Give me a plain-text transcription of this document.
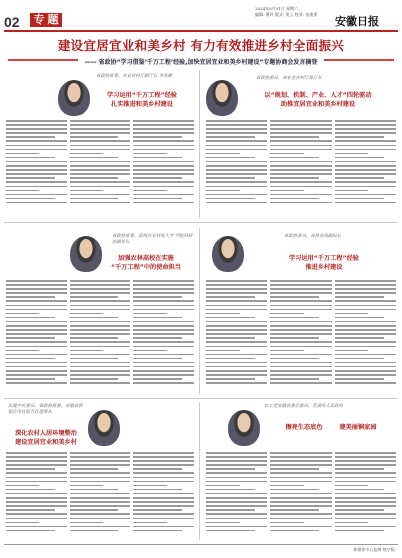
02	专 题
2024年8月31日 星期六
编辑: 曹玲 版式: 贺云 校对: 张建勇
安徽日报
建设宜居宜业和美乡村 有力有效推进乡村全面振兴
—— 省政协“学习借鉴‘千万工程’经验,加快宜居宜业和美乡村建设”专题协商会发言摘登
省政协常委、农业农村厅副厅长 李兆勤
学习运用“千万工程”经验
扎实推进和美乡村建设
省政协委员、省农业农村厅原厅长
以“规划、机制、产业、人才”四轮驱动
助推宜居宜业和美乡村建设
省政协常委、宿州农业科技大学 学院科研处副处长
加强农林高校在实施
“千万工程”中的使命担当
省政协委员、省林业局副局长
学习运用“千万工程”经验
推进乡村建设
民建中央委员、省政协常委、安徽省供销合作社联合社理事长
深化农村人居环境整治
建设宜居宜业和美乡村
农工党安徽省委会委员、芜湖市人民政府
擦亮生态底色	建美丽铜家园
新媒体中心监制 数字版:
